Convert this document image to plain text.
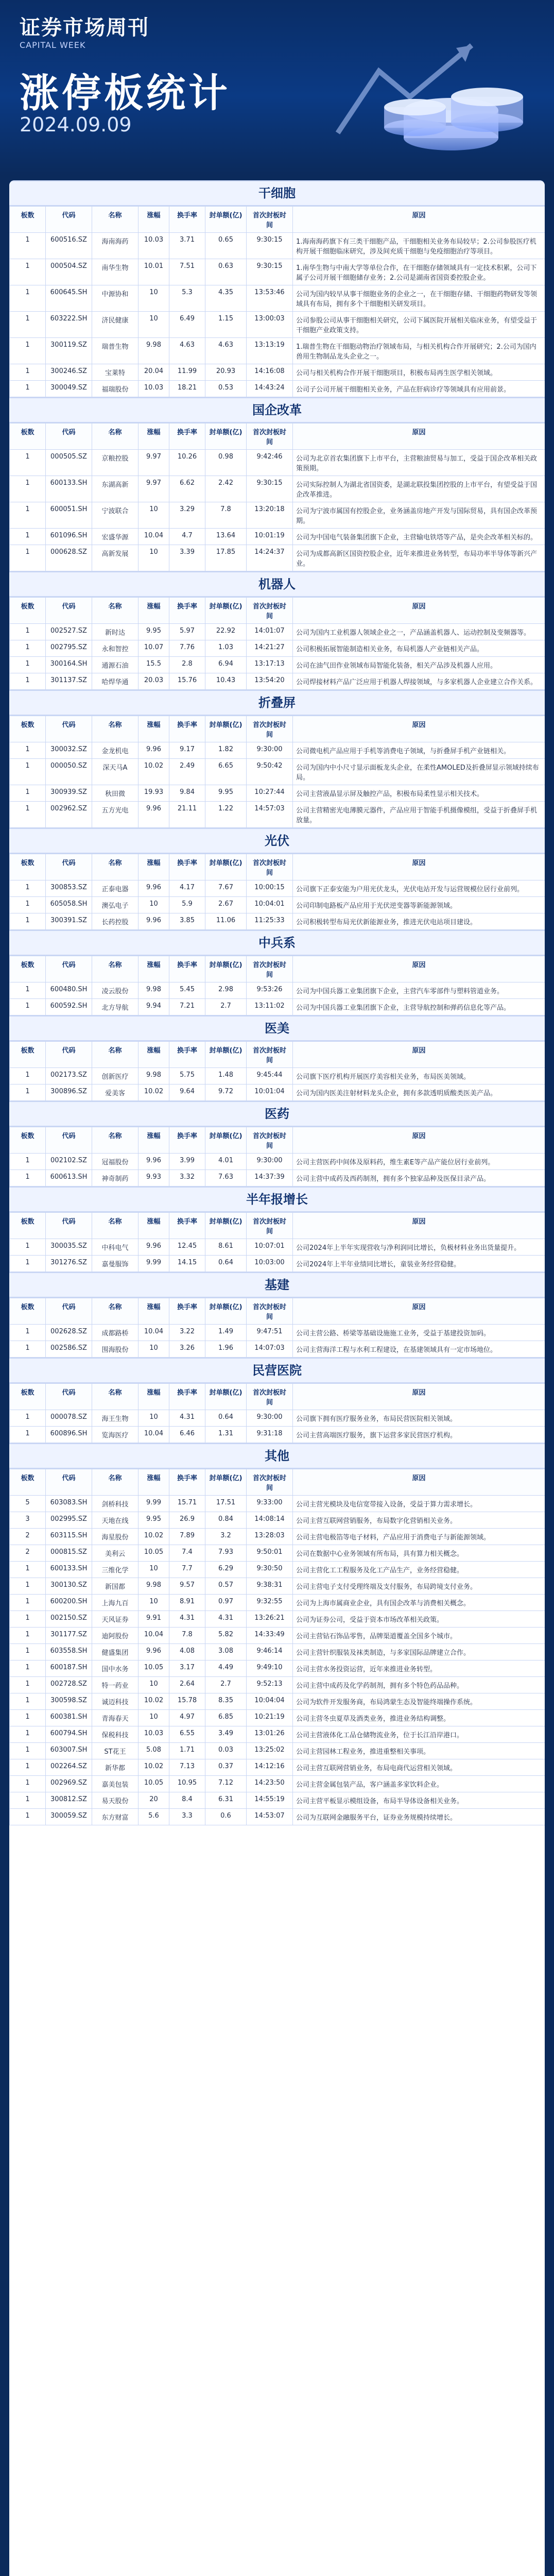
证券市场周刊
CAPITAL WEEK
涨停板统计
2024.09.09
干细胞
板数	代码	名称	涨幅	换手率	封单额(亿)	首次封板时间	原因
1	600516.SZ	海南海药	10.03	3.71	0.65	9:30:15	1.海南海药旗下有三类干细胞产品，干细胞相关业务布局较早；2.公司参股医疗机构开展干细胞临床研究，涉及间充质干细胞与免疫细胞治疗等项目。
1	000504.SZ	南华生物	10.01	7.51	0.63	9:30:15	1.南华生物与中南大学等单位合作，在干细胞存储领域具有一定技术积累，公司下属子公司开展干细胞储存业务；2.公司是湖南省国资委控股企业。
1	600645.SH	中源协和	10	5.3	4.35	13:53:46	公司为国内较早从事干细胞业务的企业之一，在干细胞存储、干细胞药物研发等领域具有布局，拥有多个干细胞相关研发项目。
1	603222.SH	济民健康	10	6.49	1.15	13:00:03	公司参股公司从事干细胞相关研究，公司下属医院开展相关临床业务，有望受益于干细胞产业政策支持。
1	300119.SZ	瑞普生物	9.98	4.63	4.63	13:13:19	1.瑞普生物在干细胞动物治疗领域布局，与相关机构合作开展研究；2.公司为国内兽用生物制品龙头企业之一。
1	300246.SZ	宝莱特	20.04	11.99	20.93	14:16:08	公司与相关机构合作开展干细胞项目，积极布局再生医学相关领域。
1	300049.SZ	福瑞股份	10.03	18.21	0.53	14:43:24	公司子公司开展干细胞相关业务，产品在肝病诊疗等领域具有应用前景。
国企改革
板数	代码	名称	涨幅	换手率	封单额(亿)	首次封板时间	原因
1	000505.SZ	京粮控股	9.97	10.26	0.98	9:42:46	公司为北京首农集团旗下上市平台，主营粮油贸易与加工，受益于国企改革相关政策预期。
1	600133.SH	东湖高新	9.97	6.62	2.42	9:30:15	公司实际控制人为湖北省国资委，是湖北联投集团控股的上市平台，有望受益于国企改革推进。
1	600051.SH	宁波联合	10	3.29	7.8	13:20:18	公司为宁波市属国有控股企业，业务涵盖房地产开发与国际贸易，具有国企改革预期。
1	601096.SH	宏盛华源	10.04	4.7	13.64	10:01:19	公司为中国电气装备集团旗下企业，主营输电铁塔等产品，是央企改革相关标的。
1	000628.SZ	高新发展	10	3.39	17.85	14:24:37	公司为成都高新区国资控股企业，近年来推进业务转型，布局功率半导体等新兴产业。
机器人
板数	代码	名称	涨幅	换手率	封单额(亿)	首次封板时间	原因
1	002527.SZ	新时达	9.95	5.97	22.92	14:01:07	公司为国内工业机器人领域企业之一，产品涵盖机器人、运动控制及变频器等。
1	002795.SZ	永和智控	10.07	7.76	1.03	14:21:27	公司积极拓展智能制造相关业务，布局机器人产业链相关产品。
1	300164.SH	通源石油	15.5	2.8	6.94	13:17:13	公司在油气田作业领域布局智能化装备，相关产品涉及机器人应用。
1	301137.SZ	哈焊华通	20.03	15.76	10.43	13:54:20	公司焊接材料产品广泛应用于机器人焊接领域，与多家机器人企业建立合作关系。
折叠屏
板数	代码	名称	涨幅	换手率	封单额(亿)	首次封板时间	原因
1	300032.SZ	金龙机电	9.96	9.17	1.82	9:30:00	公司微电机产品应用于手机等消费电子领域，与折叠屏手机产业链相关。
1	000050.SZ	深天马A	10.02	2.49	6.65	9:50:42	公司为国内中小尺寸显示面板龙头企业，在柔性AMOLED及折叠屏显示领域持续布局。
1	300939.SZ	秋田微	19.93	9.84	9.95	10:27:44	公司主营液晶显示屏及触控产品，积极布局柔性显示相关技术。
1	002962.SZ	五方光电	9.96	21.11	1.22	14:57:03	公司主营精密光电薄膜元器件，产品应用于智能手机摄像模组，受益于折叠屏手机放量。
光伏
板数	代码	名称	涨幅	换手率	封单额(亿)	首次封板时间	原因
1	300853.SZ	正泰电器	9.96	4.17	7.67	10:00:15	公司旗下正泰安能为户用光伏龙头，光伏电站开发与运营规模位居行业前列。
1	605058.SH	澳弘电子	10	5.9	2.67	10:04:01	公司印制电路板产品应用于光伏逆变器等新能源领域。
1	300391.SZ	长药控股	9.96	3.85	11.06	11:25:33	公司积极转型布局光伏新能源业务，推进光伏电站项目建设。
中兵系
板数	代码	名称	涨幅	换手率	封单额(亿)	首次封板时间	原因
1	600480.SH	凌云股份	9.98	5.45	2.98	9:53:26	公司为中国兵器工业集团旗下企业，主营汽车零部件与塑料管道业务。
1	600592.SH	北方导航	9.94	7.21	2.7	13:11:02	公司为中国兵器工业集团旗下企业，主营导航控制和弹药信息化等产品。
医美
板数	代码	名称	涨幅	换手率	封单额(亿)	首次封板时间	原因
1	002173.SZ	创新医疗	9.98	5.75	1.48	9:45:44	公司旗下医疗机构开展医疗美容相关业务，布局医美领域。
1	300896.SZ	爱美客	10.02	9.64	9.72	10:01:04	公司为国内医美注射材料龙头企业，拥有多款透明质酸类医美产品。
医药
板数	代码	名称	涨幅	换手率	封单额(亿)	首次封板时间	原因
1	002102.SZ	冠福股份	9.96	3.99	4.01	9:30:00	公司主营医药中间体及原料药，维生素E等产品产能位居行业前列。
1	600613.SH	神奇制药	9.93	3.32	7.63	14:37:39	公司主营中成药及西药制剂，拥有多个独家品种及医保目录产品。
半年报增长
板数	代码	名称	涨幅	换手率	封单额(亿)	首次封板时间	原因
1	300035.SZ	中科电气	9.96	12.45	8.61	10:07:01	公司2024年上半年实现营收与净利润同比增长，负极材料业务出货量提升。
1	301276.SZ	嘉曼服饰	9.99	14.15	0.64	10:03:00	公司2024年上半年业绩同比增长，童装业务经营稳健。
基建
板数	代码	名称	涨幅	换手率	封单额(亿)	首次封板时间	原因
1	002628.SZ	成都路桥	10.04	3.22	1.49	9:47:51	公司主营公路、桥梁等基础设施施工业务，受益于基建投资加码。
1	002586.SZ	围海股份	10	3.26	1.96	14:07:03	公司主营海洋工程与水利工程建设，在基建领域具有一定市场地位。
民营医院
板数	代码	名称	涨幅	换手率	封单额(亿)	首次封板时间	原因
1	000078.SZ	海王生物	10	4.31	0.64	9:30:00	公司旗下拥有医疗服务业务，布局民营医院相关领域。
1	600896.SH	览海医疗	10.04	6.46	1.31	9:31:18	公司主营高端医疗服务，旗下运营多家民营医疗机构。
其他
板数	代码	名称	涨幅	换手率	封单额(亿)	首次封板时间	原因
5	603083.SH	剑桥科技	9.99	15.71	17.51	9:33:00	公司主营光模块及电信宽带接入设备，受益于算力需求增长。
3	002995.SZ	天地在线	9.95	26.9	0.84	14:08:14	公司主营互联网营销服务，布局数字化营销相关业务。
2	603115.SH	海星股份	10.02	7.89	3.2	13:28:03	公司主营电极箔等电子材料，产品应用于消费电子与新能源领域。
2	000815.SZ	美利云	10.05	7.4	7.93	9:50:01	公司在数据中心业务领域有所布局，具有算力相关概念。
1	600133.SH	三维化学	10	7.7	6.29	9:30:50	公司主营化工工程服务及化工产品生产，业务经营稳健。
1	300130.SZ	新国都	9.98	9.57	0.57	9:38:31	公司主营电子支付受理终端及支付服务，布局跨境支付业务。
1	600200.SH	上海九百	10	8.91	0.97	9:32:55	公司为上海市属商业企业，具有国企改革与消费相关概念。
1	002150.SZ	天风证券	9.91	4.31	4.31	13:26:21	公司为证券公司，受益于资本市场改革相关政策。
1	301177.SZ	迪阿股份	10.04	7.8	5.82	14:33:49	公司主营钻石饰品零售，品牌渠道覆盖全国多个城市。
1	603558.SH	健盛集团	9.96	4.08	3.08	9:46:14	公司主营针织服装及袜类制造，与多家国际品牌建立合作。
1	600187.SH	国中水务	10.05	3.17	4.49	9:49:10	公司主营水务投资运营，近年来推进业务转型。
1	002728.SZ	特一药业	10	2.64	2.7	9:52:13	公司主营中成药及化学药制剂，拥有多个特色药品品种。
1	300598.SZ	诚迈科技	10.02	15.78	8.35	10:04:04	公司为软件开发服务商，布局鸿蒙生态及智能终端操作系统。
1	600381.SH	青海春天	10	4.97	6.85	10:21:19	公司主营冬虫夏草及酒类业务，推进业务结构调整。
1	600794.SH	保税科技	10.03	6.55	3.49	13:01:26	公司主营液体化工品仓储物流业务，位于长江沿岸港口。
1	603007.SH	ST花王	5.08	1.71	0.03	13:25:02	公司主营园林工程业务，推进重整相关事项。
1	002264.SZ	新华都	10.02	7.13	0.37	14:12:16	公司主营互联网营销业务，布局电商代运营相关领域。
1	002969.SZ	嘉美包装	10.05	10.95	7.12	14:23:50	公司主营金属包装产品，客户涵盖多家饮料企业。
1	300812.SZ	易天股份	20	8.4	6.31	14:55:19	公司主营平板显示模组设备，布局半导体设备相关业务。
1	300059.SZ	东方财富	5.6	3.3	0.6	14:53:07	公司为互联网金融服务平台，证券业务规模持续增长。
